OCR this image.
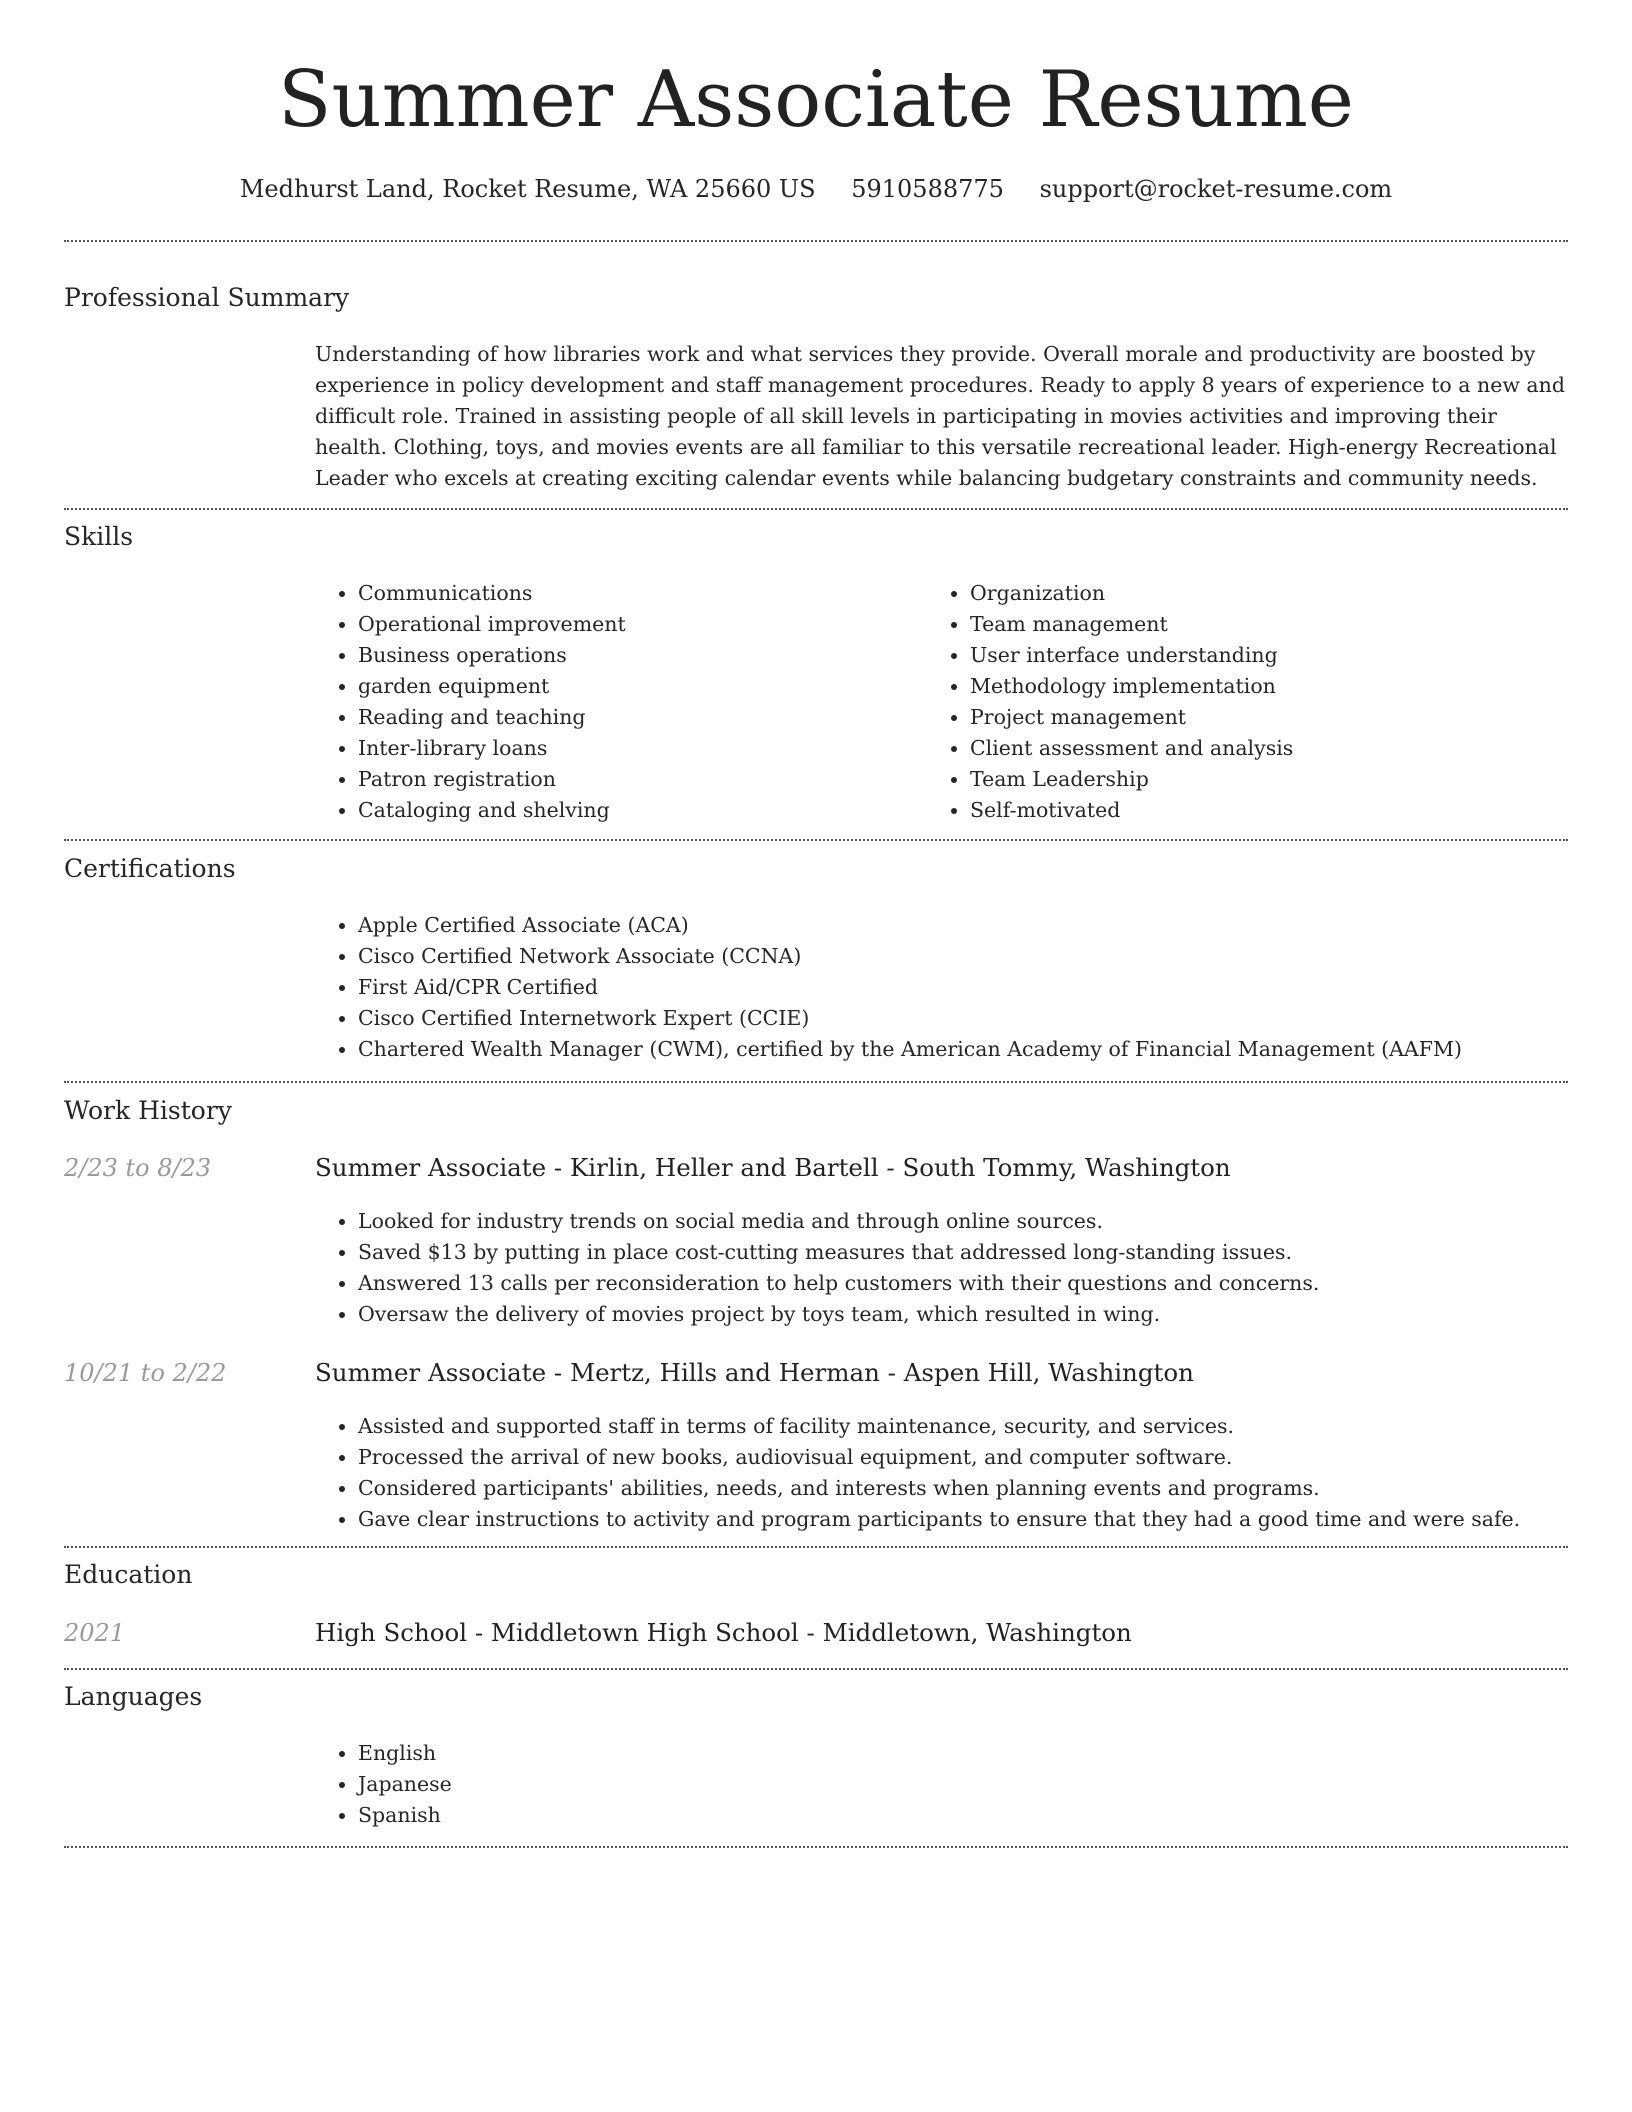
Summer Associate Resume
Medhurst Land, Rocket Resume, WA 25660 US 5910588775 support@rocket-resume.com
Professional Summary

Understanding of how libraries work and what services they provide. Overall morale and productivity are boosted by experience in policy development and staff management procedures. Ready to apply 8 years of experience to a new and difficult role. Trained in assisting people of all skill levels in participating in movies activities and improving their health. Clothing, toys, and movies events are all familiar to this versatile recreational leader. High-energy Recreational Leader who excels at creating exciting calendar events while balancing budgetary constraints and community needs.

Skills
• Communications
• Operational improvement
• Business operations
• garden equipment
• Reading and teaching
• Inter-library loans
• Patron registration
• Cataloging and shelving
• Organization
• Team management
• User interface understanding
• Methodology implementation
• Project management
• Client assessment and analysis
• Team Leadership
• Self-motivated
Certifications
• Apple Certified Associate (ACA)
• Cisco Certified Network Associate (CCNA)
• First Aid/CPR Certified
• Cisco Certified Internetwork Expert (CCIE)
• Chartered Wealth Manager (CWM), certified by the American Academy of Financial Management (AAFM)
Work History
2/23 to 8/23	Summer Associate - Kirlin, Heller and Bartell - South Tommy, Washington
• Looked for industry trends on social media and through online sources.
• Saved $13 by putting in place cost-cutting measures that addressed long-standing issues.
• Answered 13 calls per reconsideration to help customers with their questions and concerns.
• Oversaw the delivery of movies project by toys team, which resulted in wing.
10/21 to 2/22	Summer Associate - Mertz, Hills and Herman - Aspen Hill, Washington
• Assisted and supported staff in terms of facility maintenance, security, and services.
• Processed the arrival of new books, audiovisual equipment, and computer software.
• Considered participants' abilities, needs, and interests when planning events and programs.
• Gave clear instructions to activity and program participants to ensure that they had a good time and were safe.
Education
2021	High School - Middletown High School - Middletown, Washington
Languages
• English
• Japanese
• Spanish
